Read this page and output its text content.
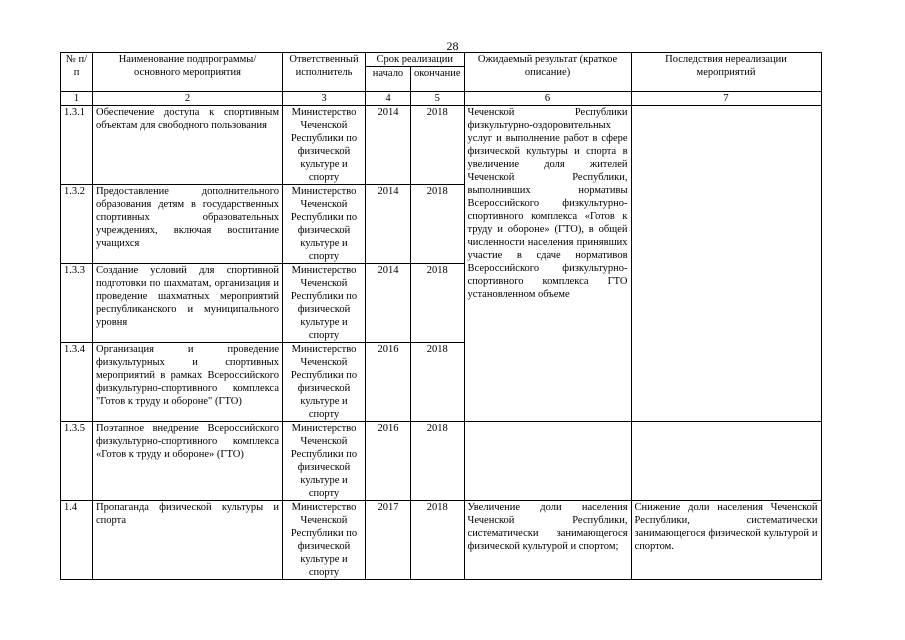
28
№ п/п	Наименование подпрограммы/ основного мероприятия	Ответственный исполнитель	Срок реализации		Ожидаемый результат (краткое описание)	Последствия нереализации мероприятий
			начало	окончание		
1	2	3	4	5	6	7
1.3.1	Обеспечение доступа к спортивным объектам для свободного пользования	Министерство Чеченской Республики по физической культуре и спорту	2014	2018	Чеченской Республики физкультурно-оздоровительных услуг и выполнение работ в сфере физической культуры и спорта в увеличение доля жителей Чеченской Республики, выполнивших нормативы Всероссийского физкультурно-спортивного комплекса «Готов к труду и обороне» (ГТО), в общей численности населения принявших участие в сдаче нормативов Всероссийского физкультурно-спортивного комплекса ГТО установленном объеме	
1.3.2	Предоставление дополнительного образования детям в государственных спортивных образовательных учреждениях, включая воспитание учащихся	Министерство Чеченской Республики по физической культуре и спорту	2014	2018		
1.3.3	Создание условий для спортивной подготовки по шахматам, организация и проведение шахматных мероприятий республиканского и муниципального уровня	Министерство Чеченской Республики по физической культуре и спорту	2014	2018		
1.3.4	Организация и проведение физкультурных и спортивных мероприятий в рамках Всероссийского физкультурно-спортивного комплекса "Готов к труду и обороне" (ГТО)	Министерство Чеченской Республики по физической культуре и спорту	2016	2018		
1.3.5	Поэтапное внедрение Всероссийского физкультурно-спортивного комплекса «Готов к труду и обороне» (ГТО)	Министерство Чеченской Республики по физической культуре и спорту	2016	2018		
1.4	Пропаганда физической культуры и спорта	Министерство Чеченской Республики по физической культуре и спорту	2017	2018	Увеличение доли населения Чеченской Республики, систематически занимающегося физической культурой и спортом;	Снижение доли населения Чеченской Республики, систематически занимающегося физической культурой и спортом.
